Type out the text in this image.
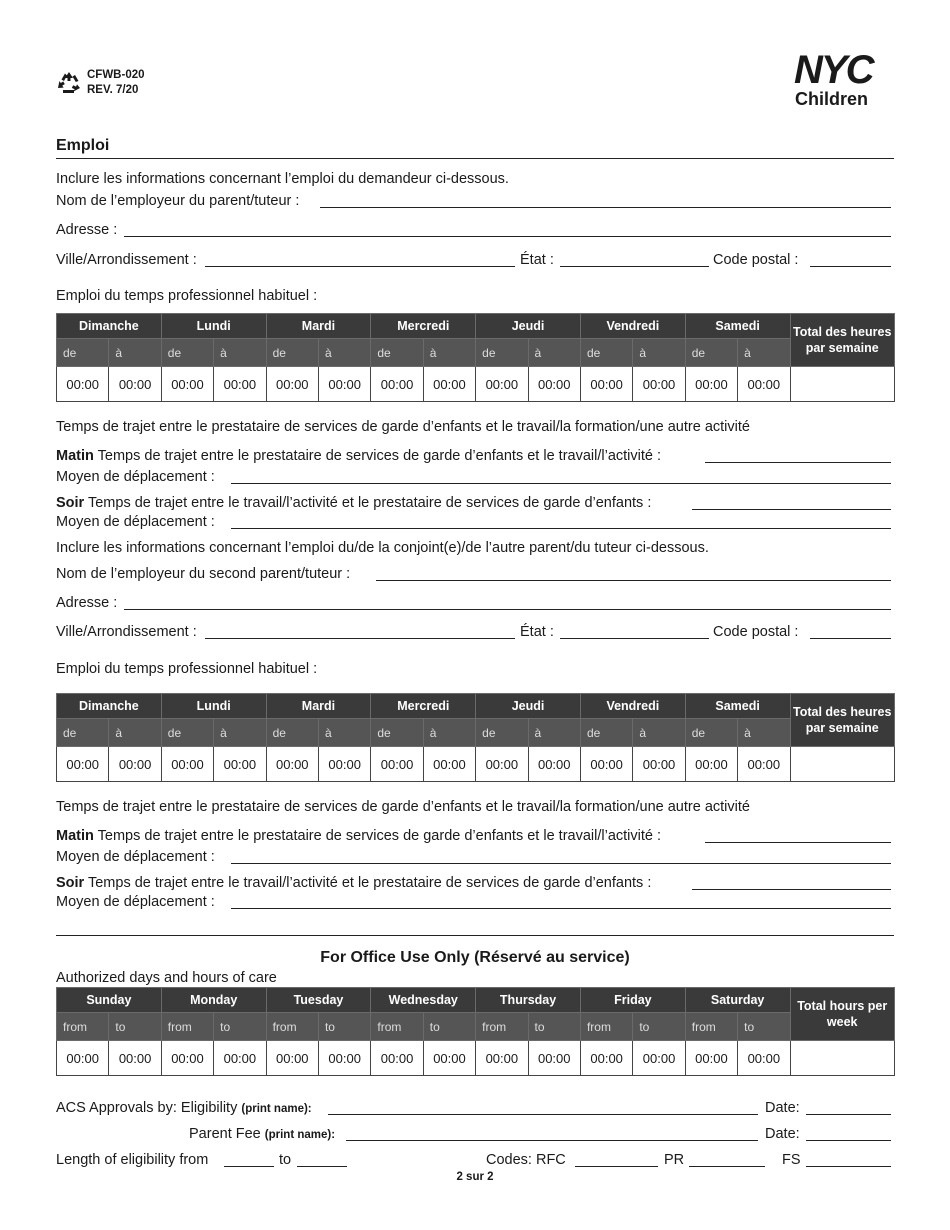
CFWB-020
REV. 7/20	NYC
Children
Emploi
Inclure les informations concernant l’emploi du demandeur ci-dessous.
Nom de l’employeur du parent/tuteur :
Adresse :
Ville/Arrondissement :	État :	Code postal :
Emploi du temps professionnel habituel :
Dimanche		Lundi		Mardi		Mercredi		Jeudi		Vendredi		Samedi		Total des heures par semaine
de	à	de	à	de	à	de	à	de	à	de	à	de	à	
00:00	00:00	00:00	00:00	00:00	00:00	00:00	00:00	00:00	00:00	00:00	00:00	00:00	00:00	
Temps de trajet entre le prestataire de services de garde d’enfants et le travail/la formation/une autre activité
Matin Temps de trajet entre le prestataire de services de garde d’enfants et le travail/l’activité :
Moyen de déplacement :
Soir Temps de trajet entre le travail/l’activité et le prestataire de services de garde d’enfants :
Moyen de déplacement :
Inclure les informations concernant l’emploi du/de la conjoint(e)/de l’autre parent/du tuteur ci-dessous.
Nom de l’employeur du second parent/tuteur :
Adresse :
Ville/Arrondissement :	État :	Code postal :
Emploi du temps professionnel habituel :
Dimanche		Lundi		Mardi		Mercredi		Jeudi		Vendredi		Samedi		Total des heures par semaine
de	à	de	à	de	à	de	à	de	à	de	à	de	à	
00:00	00:00	00:00	00:00	00:00	00:00	00:00	00:00	00:00	00:00	00:00	00:00	00:00	00:00	
Temps de trajet entre le prestataire de services de garde d’enfants et le travail/la formation/une autre activité
Matin Temps de trajet entre le prestataire de services de garde d’enfants et le travail/l’activité :
Moyen de déplacement :
Soir Temps de trajet entre le travail/l’activité et le prestataire de services de garde d’enfants :
Moyen de déplacement :
For Office Use Only (Réservé au service)
Authorized days and hours of care
Sunday		Monday		Tuesday		Wednesday		Thursday		Friday		Saturday		Total hours per week
from	to	from	to	from	to	from	to	from	to	from	to	from	to	
00:00	00:00	00:00	00:00	00:00	00:00	00:00	00:00	00:00	00:00	00:00	00:00	00:00	00:00	
ACS Approvals by: Eligibility (print name):	Date:
Parent Fee (print name):	Date:
Length of eligibility from	to	Codes: RFC	PR	FS
2 sur 2
